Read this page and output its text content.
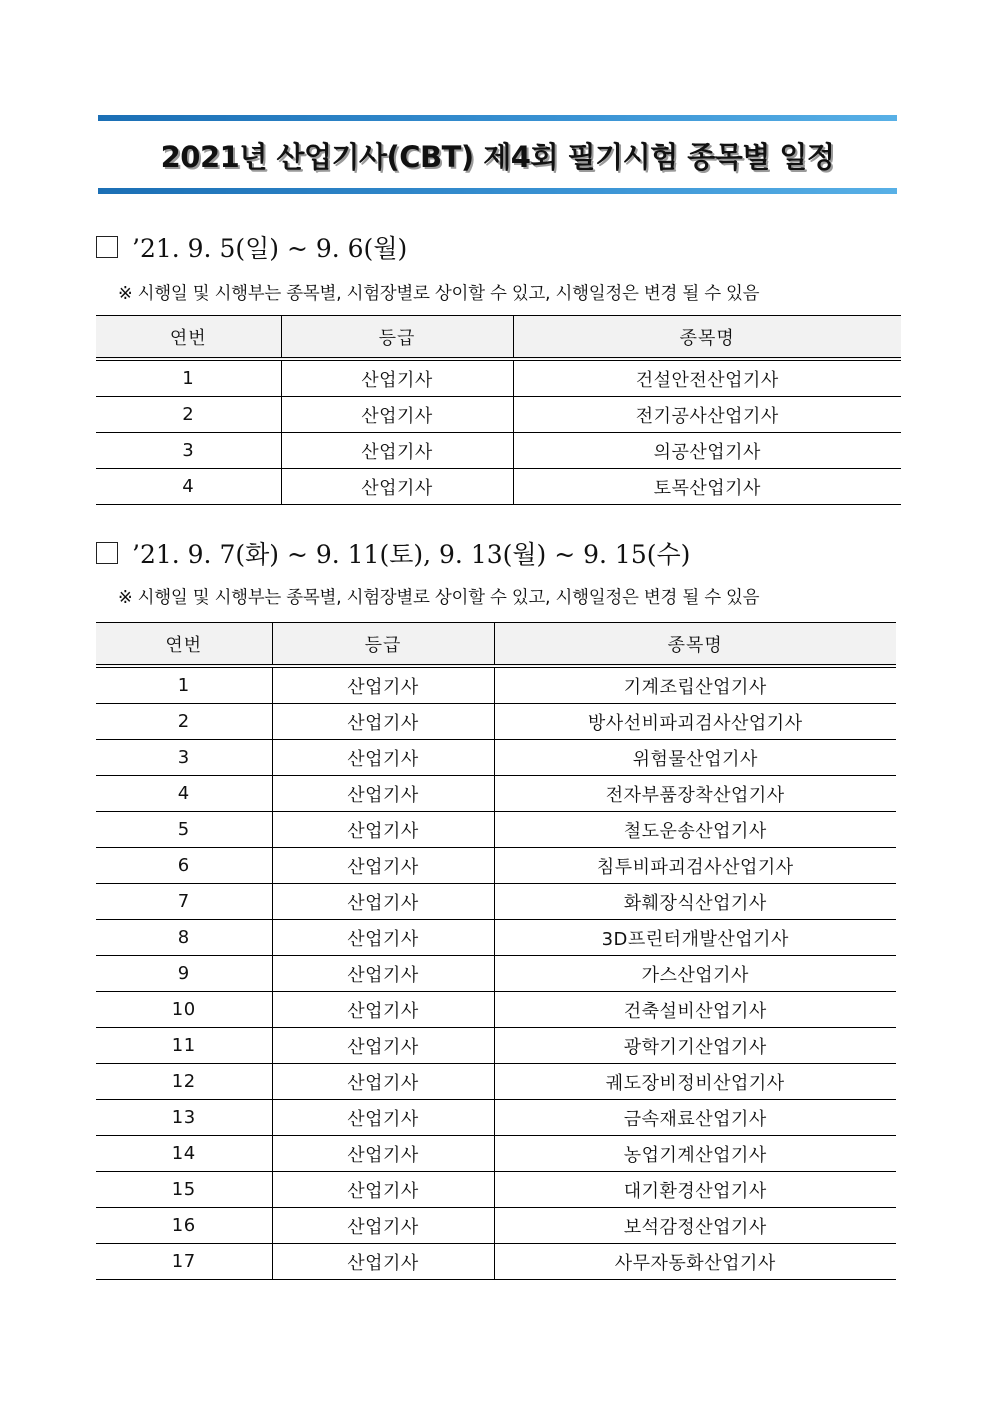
2021년 산업기사(CBT) 제4회 필기시험 종목별 일정
’21. 9. 5(일) ~ 9. 6(월)
※ 시행일 및 시행부는 종목별, 시험장별로 상이할 수 있고, 시행일정은 변경 될 수 있음
연번	등급	종목명
1	산업기사	건설안전산업기사
2	산업기사	전기공사산업기사
3	산업기사	의공산업기사
4	산업기사	토목산업기사
’21. 9. 7(화) ~ 9. 11(토), 9. 13(월) ~ 9. 15(수)
※ 시행일 및 시행부는 종목별, 시험장별로 상이할 수 있고, 시행일정은 변경 될 수 있음
연번	등급	종목명
1	산업기사	기계조립산업기사
2	산업기사	방사선비파괴검사산업기사
3	산업기사	위험물산업기사
4	산업기사	전자부품장착산업기사
5	산업기사	철도운송산업기사
6	산업기사	침투비파괴검사산업기사
7	산업기사	화훼장식산업기사
8	산업기사	3D프린터개발산업기사
9	산업기사	가스산업기사
10	산업기사	건축설비산업기사
11	산업기사	광학기기산업기사
12	산업기사	궤도장비정비산업기사
13	산업기사	금속재료산업기사
14	산업기사	농업기계산업기사
15	산업기사	대기환경산업기사
16	산업기사	보석감정산업기사
17	산업기사	사무자동화산업기사
